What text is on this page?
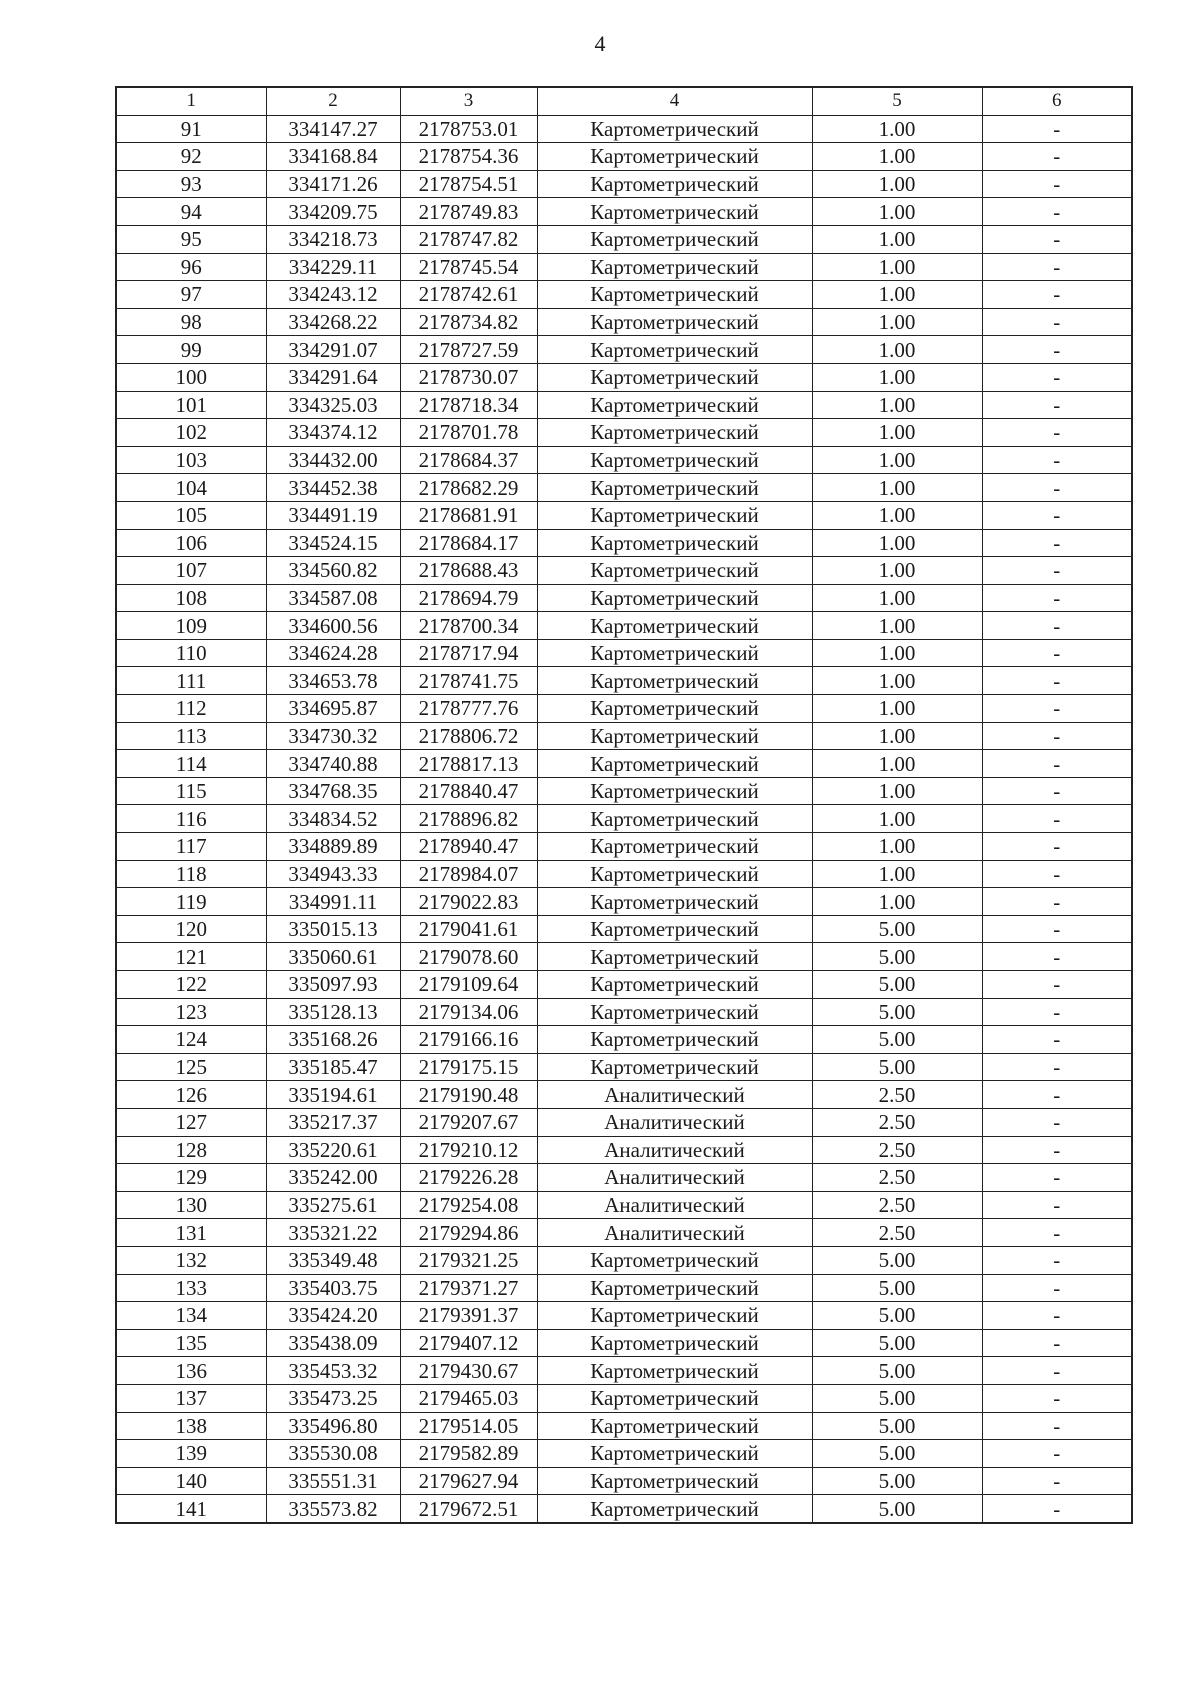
4
1	2	3	4	5	6
91	334147.27	2178753.01	Картометрический	1.00	-
92	334168.84	2178754.36	Картометрический	1.00	-
93	334171.26	2178754.51	Картометрический	1.00	-
94	334209.75	2178749.83	Картометрический	1.00	-
95	334218.73	2178747.82	Картометрический	1.00	-
96	334229.11	2178745.54	Картометрический	1.00	-
97	334243.12	2178742.61	Картометрический	1.00	-
98	334268.22	2178734.82	Картометрический	1.00	-
99	334291.07	2178727.59	Картометрический	1.00	-
100	334291.64	2178730.07	Картометрический	1.00	-
101	334325.03	2178718.34	Картометрический	1.00	-
102	334374.12	2178701.78	Картометрический	1.00	-
103	334432.00	2178684.37	Картометрический	1.00	-
104	334452.38	2178682.29	Картометрический	1.00	-
105	334491.19	2178681.91	Картометрический	1.00	-
106	334524.15	2178684.17	Картометрический	1.00	-
107	334560.82	2178688.43	Картометрический	1.00	-
108	334587.08	2178694.79	Картометрический	1.00	-
109	334600.56	2178700.34	Картометрический	1.00	-
110	334624.28	2178717.94	Картометрический	1.00	-
111	334653.78	2178741.75	Картометрический	1.00	-
112	334695.87	2178777.76	Картометрический	1.00	-
113	334730.32	2178806.72	Картометрический	1.00	-
114	334740.88	2178817.13	Картометрический	1.00	-
115	334768.35	2178840.47	Картометрический	1.00	-
116	334834.52	2178896.82	Картометрический	1.00	-
117	334889.89	2178940.47	Картометрический	1.00	-
118	334943.33	2178984.07	Картометрический	1.00	-
119	334991.11	2179022.83	Картометрический	1.00	-
120	335015.13	2179041.61	Картометрический	5.00	-
121	335060.61	2179078.60	Картометрический	5.00	-
122	335097.93	2179109.64	Картометрический	5.00	-
123	335128.13	2179134.06	Картометрический	5.00	-
124	335168.26	2179166.16	Картометрический	5.00	-
125	335185.47	2179175.15	Картометрический	5.00	-
126	335194.61	2179190.48	Аналитический	2.50	-
127	335217.37	2179207.67	Аналитический	2.50	-
128	335220.61	2179210.12	Аналитический	2.50	-
129	335242.00	2179226.28	Аналитический	2.50	-
130	335275.61	2179254.08	Аналитический	2.50	-
131	335321.22	2179294.86	Аналитический	2.50	-
132	335349.48	2179321.25	Картометрический	5.00	-
133	335403.75	2179371.27	Картометрический	5.00	-
134	335424.20	2179391.37	Картометрический	5.00	-
135	335438.09	2179407.12	Картометрический	5.00	-
136	335453.32	2179430.67	Картометрический	5.00	-
137	335473.25	2179465.03	Картометрический	5.00	-
138	335496.80	2179514.05	Картометрический	5.00	-
139	335530.08	2179582.89	Картометрический	5.00	-
140	335551.31	2179627.94	Картометрический	5.00	-
141	335573.82	2179672.51	Картометрический	5.00	-
